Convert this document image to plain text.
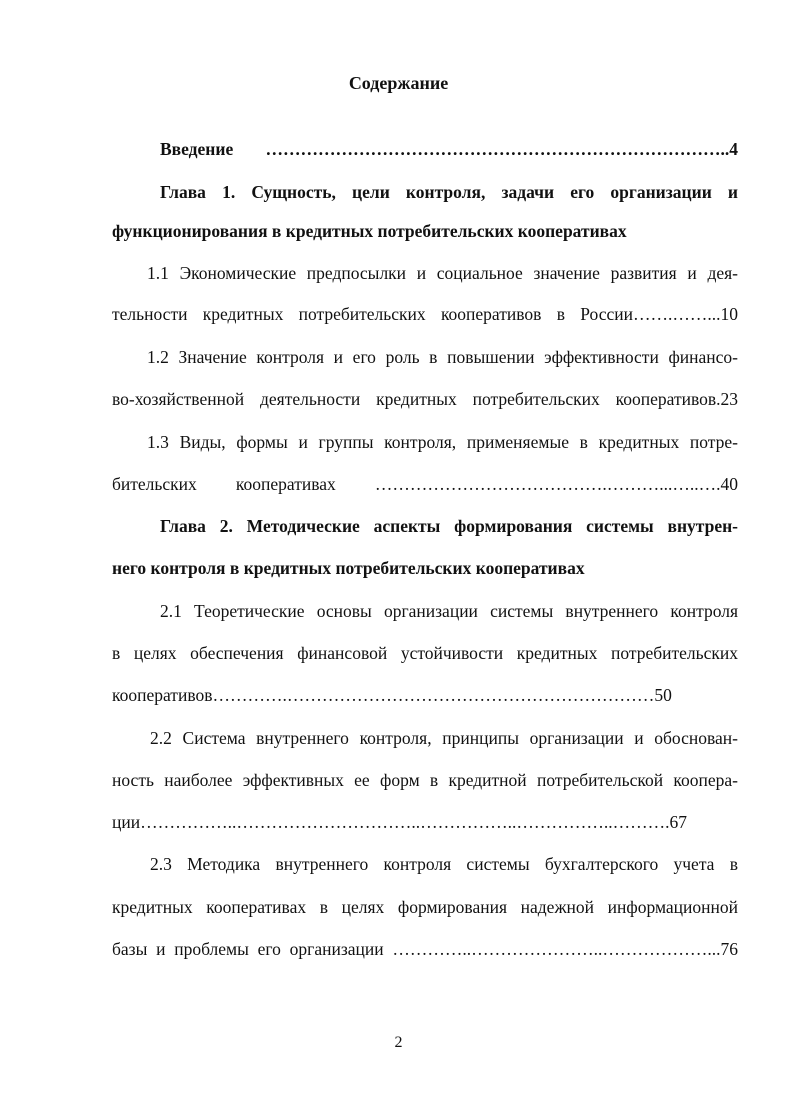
Содержание
Введение ……………………………………………………………………..4
Глава 1. Сущность, цели контроля, задачи его организации и
функционирования в кредитных потребительских кооперативах
1.1 Экономические предпосылки и социальное значение развития и дея-
тельности кредитных потребительских кооперативов в России…….……...10
1.2 Значение контроля и его роль в повышении эффективности финансо-
во-хозяйственной деятельности кредитных потребительских кооперативов.23
1.3 Виды, формы и группы контроля, применяемые в кредитных потре-
бительских кооперативах ………………………………….………...…..….40
Глава 2. Методические аспекты формирования системы внутрен-
него контроля в кредитных потребительских кооперативах
2.1 Теоретические основы организации системы внутреннего контроля
в целях обеспечения финансовой устойчивости кредитных потребительских
кооперативов………….………………………………………………………50
2.2 Система внутреннего контроля, принципы организации и обоснован-
ность наиболее эффективных ее форм в кредитной потребительской коопера-
ции……………..…………………………..……………..……………..……….67
2.3 Методика внутреннего контроля системы бухгалтерского учета в
кредитных кооперативах в целях формирования надежной информационной
базы и проблемы его организации …………..…………………..………………...76
2
